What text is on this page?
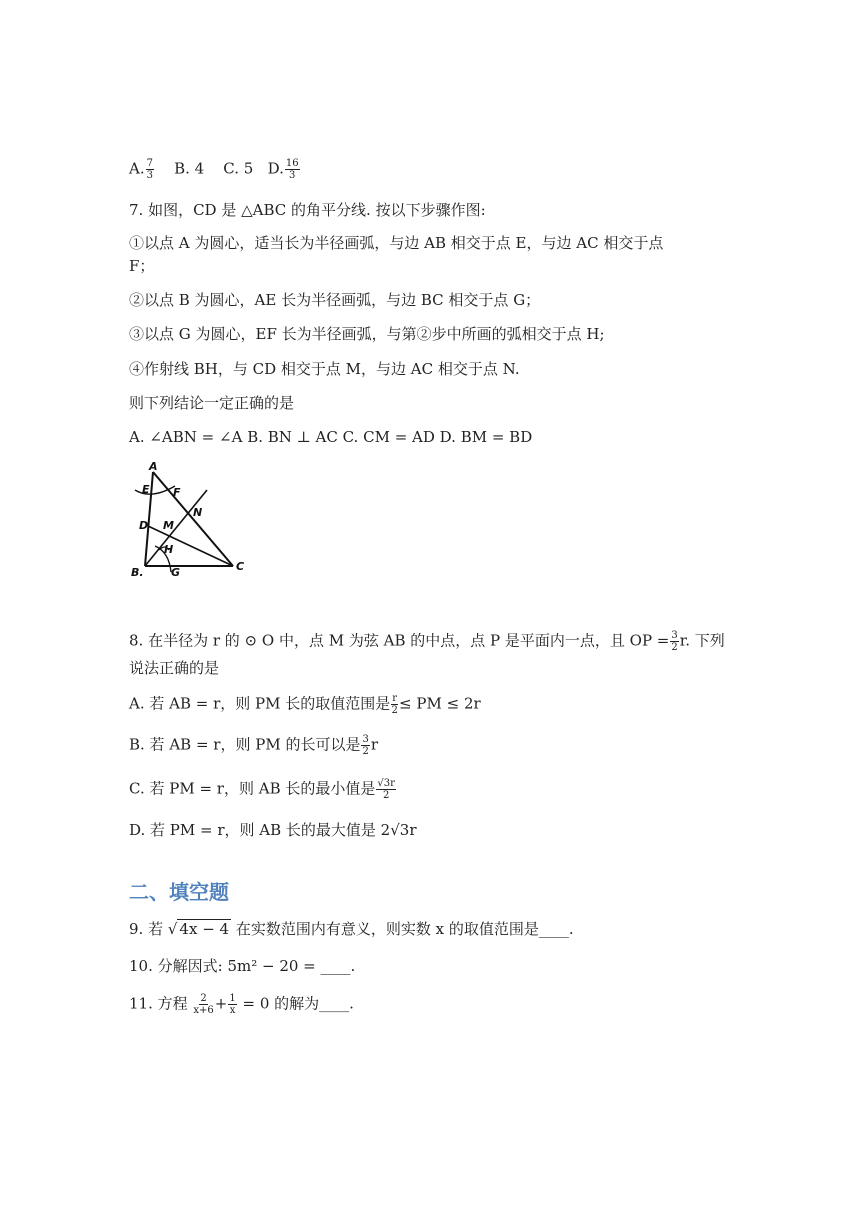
A. $\frac{7}{3} B$. 4 C. 5 D. $\frac{16}{3}$
7. 如图，CD 是 △ABC 的角平分线. 按以下步骤作图:
①以点 A 为圆心，适当长为半径画弧，与边 AB 相交于点 E，与边 AC 相交于点
F；
②以点 B 为圆心，AE 长为半径画弧，与边 BC 相交于点 G；
③以点 G 为圆心，EF 长为半径画弧，与第②步中所画的弧相交于点 H;
④作射线 BH，与 CD 相交于点 M，与边 AC 相交于点 N.
则下列结论一定正确的是
A. ∠ABN = ∠A B. BN ⊥ AC C. CM = AD D. BM = BD
A
E F
N
D M
H
B. G	C
8. 在半径为 r 的 ⊙ O 中，点 M 为弦 AB 的中点，点 P 是平面内一点，且 OP = $\frac{3}{2} r$. 下列
说法正确的是
A. 若 AB = r，则 PM 长的取值范围是 $\frac{r}{2}$ ≤ PM ≤ 2r
B. 若 AB = r，则 PM 的长可以是 $\frac{3}{2}$ r
C. 若 PM = r，则 AB 长的最小值是 $\frac{√3r}{2}$
D. 若 PM = r，则 AB 长的最大值是 2√3r
二、填空题
9. 若 √ 4x − 4 在实数范围内有意义，则实数 x 的取值范围是____.
10. 分解因式: 5m² − 20 = ____.
11. 方程 $\frac{2}{x+6} + \frac{1}{x} = 0$ 的解为____.
